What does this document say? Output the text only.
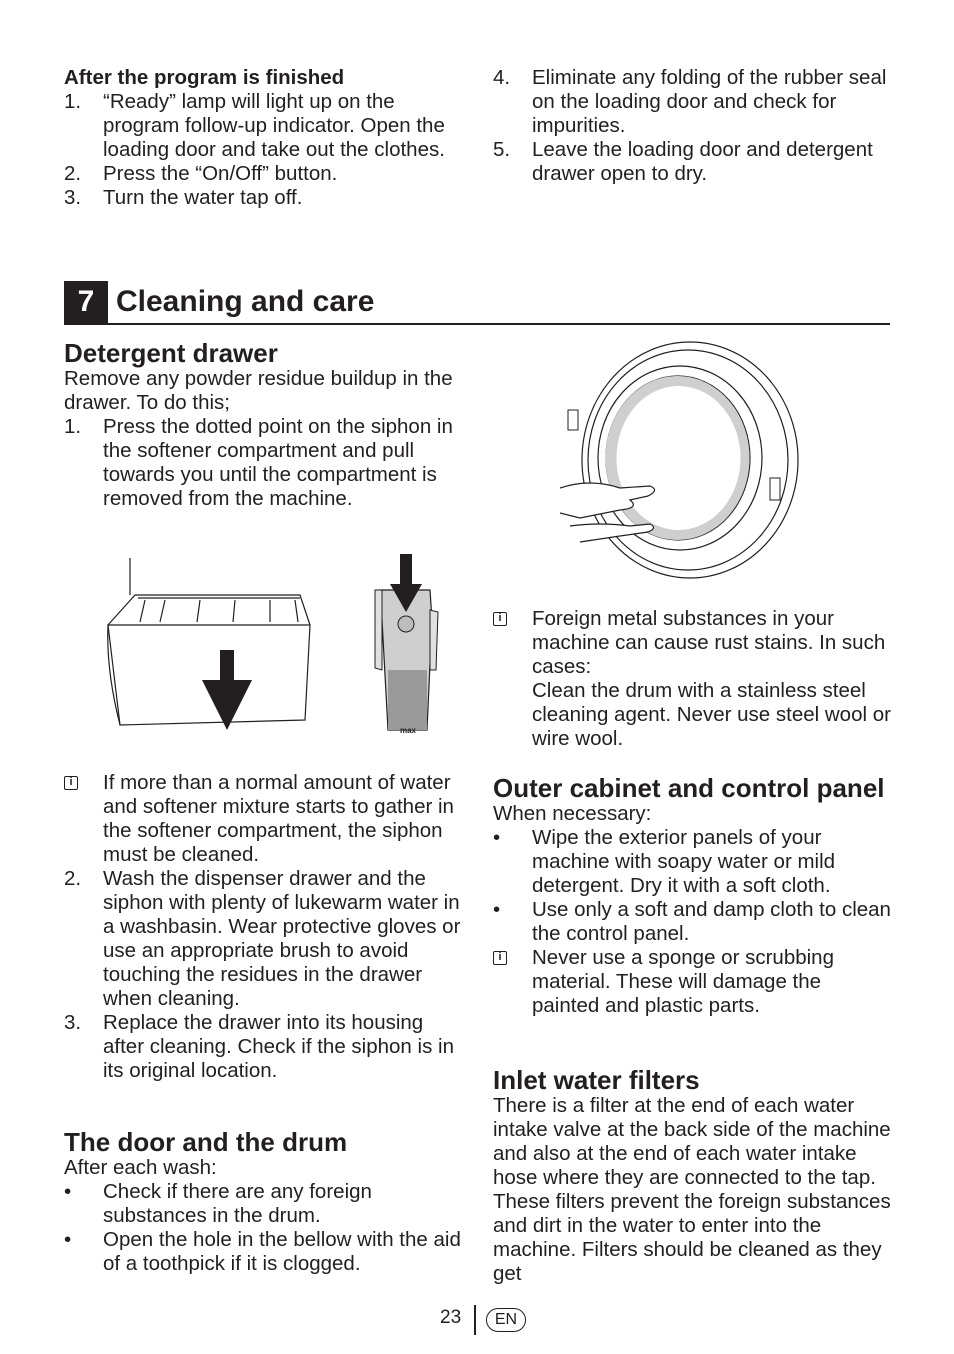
After the program is finished

1. “Ready” lamp will light up on the program follow-up indicator. Open the loading door and take out the clothes.
2. Press the “On/Off” button.
3. Turn the water tap off.
4. Eliminate any folding of the rubber seal on the loading door and check for impurities.
5. Leave the loading door and detergent drawer open to dry.
7 Cleaning and care
Detergent drawer

Remove any powder residue buildup in the drawer. To do this;

1. Press the dotted point on the siphon in the softener compartment and pull towards you until the compartment is removed from the machine.
max
i If more than a normal amount of water and softener mixture starts to gather in the softener compartment, the siphon must be cleaned.
2. Wash the dispenser drawer and the siphon with plenty of lukewarm water in a washbasin. Wear protective gloves or use an appropriate brush to avoid touching the residues in the drawer when cleaning.
3. Replace the drawer into its housing after cleaning. Check if the siphon is in its original location.
The door and the drum

After each wash:

• Check if there are any foreign substances in the drum.
• Open the hole in the bellow with the aid of a toothpick if it is clogged.
i Foreign metal substances in your machine can cause rust stains. In such cases:
Clean the drum with a stainless steel cleaning agent. Never use steel wool or wire wool.
Outer cabinet and control panel

When necessary:

• Wipe the exterior panels of your machine with soapy water or mild detergent. Dry it with a soft cloth.
• Use only a soft and damp cloth to clean the control panel.
i Never use a sponge or scrubbing material. These will damage the painted and plastic parts.
Inlet water filters

There is a filter at the end of each water intake valve at the back side of the machine and also at the end of each water intake hose where they are connected to the tap. These filters prevent the foreign substances and dirt in the water to enter into the machine. Filters should be cleaned as they get

23	EN
